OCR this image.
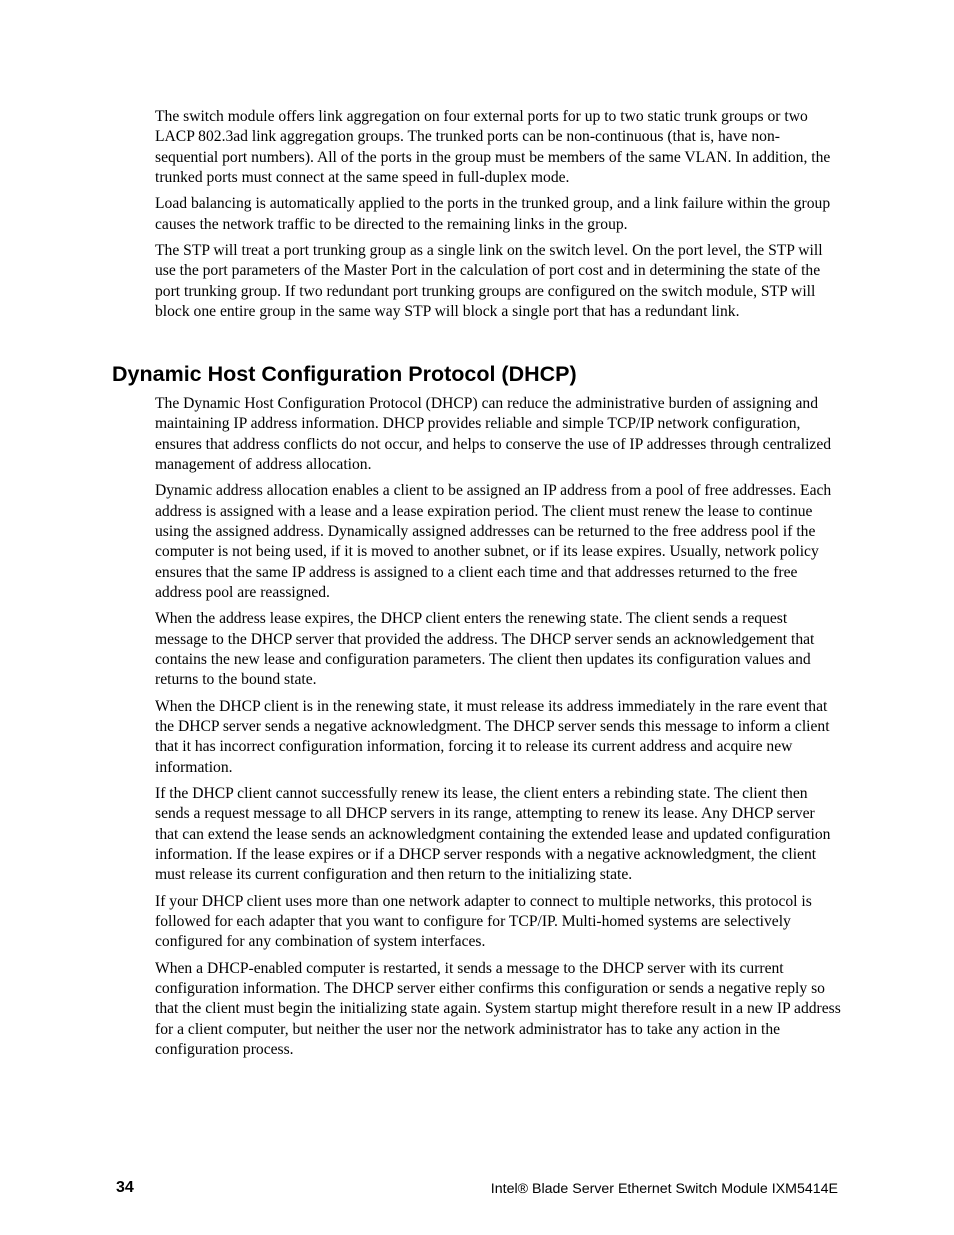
The switch module offers link aggregation on four external ports for up to two static trunk groups or two LACP 802.3ad link aggregation groups. The trunked ports can be non-continuous (that is, have non-sequential port numbers). All of the ports in the group must be members of the same VLAN. In addition, the trunked ports must connect at the same speed in full-duplex mode.

Load balancing is automatically applied to the ports in the trunked group, and a link failure within the group causes the network traffic to be directed to the remaining links in the group.

The STP will treat a port trunking group as a single link on the switch level. On the port level, the STP will use the port parameters of the Master Port in the calculation of port cost and in determining the state of the port trunking group. If two redundant port trunking groups are configured on the switch module, STP will block one entire group in the same way STP will block a single port that has a redundant link.

Dynamic Host Configuration Protocol (DHCP)

The Dynamic Host Configuration Protocol (DHCP) can reduce the administrative burden of assigning and maintaining IP address information. DHCP provides reliable and simple TCP/IP network configuration, ensures that address conflicts do not occur, and helps to conserve the use of IP addresses through centralized management of address allocation.

Dynamic address allocation enables a client to be assigned an IP address from a pool of free addresses. Each address is assigned with a lease and a lease expiration period. The client must renew the lease to continue using the assigned address. Dynamically assigned addresses can be returned to the free address pool if the computer is not being used, if it is moved to another subnet, or if its lease expires. Usually, network policy ensures that the same IP address is assigned to a client each time and that addresses returned to the free address pool are reassigned.

When the address lease expires, the DHCP client enters the renewing state. The client sends a request message to the DHCP server that provided the address. The DHCP server sends an acknowledgement that contains the new lease and configuration parameters. The client then updates its configuration values and returns to the bound state.

When the DHCP client is in the renewing state, it must release its address immediately in the rare event that the DHCP server sends a negative acknowledgment. The DHCP server sends this message to inform a client that it has incorrect configuration information, forcing it to release its current address and acquire new information.

If the DHCP client cannot successfully renew its lease, the client enters a rebinding state. The client then sends a request message to all DHCP servers in its range, attempting to renew its lease. Any DHCP server that can extend the lease sends an acknowledgment containing the extended lease and updated configuration information. If the lease expires or if a DHCP server responds with a negative acknowledgment, the client must release its current configuration and then return to the initializing state.

If your DHCP client uses more than one network adapter to connect to multiple networks, this protocol is followed for each adapter that you want to configure for TCP/IP. Multi-homed systems are selectively configured for any combination of system interfaces.

When a DHCP-enabled computer is restarted, it sends a message to the DHCP server with its current configuration information. The DHCP server either confirms this configuration or sends a negative reply so that the client must begin the initializing state again. System startup might therefore result in a new IP address for a client computer, but neither the user nor the network administrator has to take any action in the configuration process.

34	Intel® Blade Server Ethernet Switch Module IXM5414E
